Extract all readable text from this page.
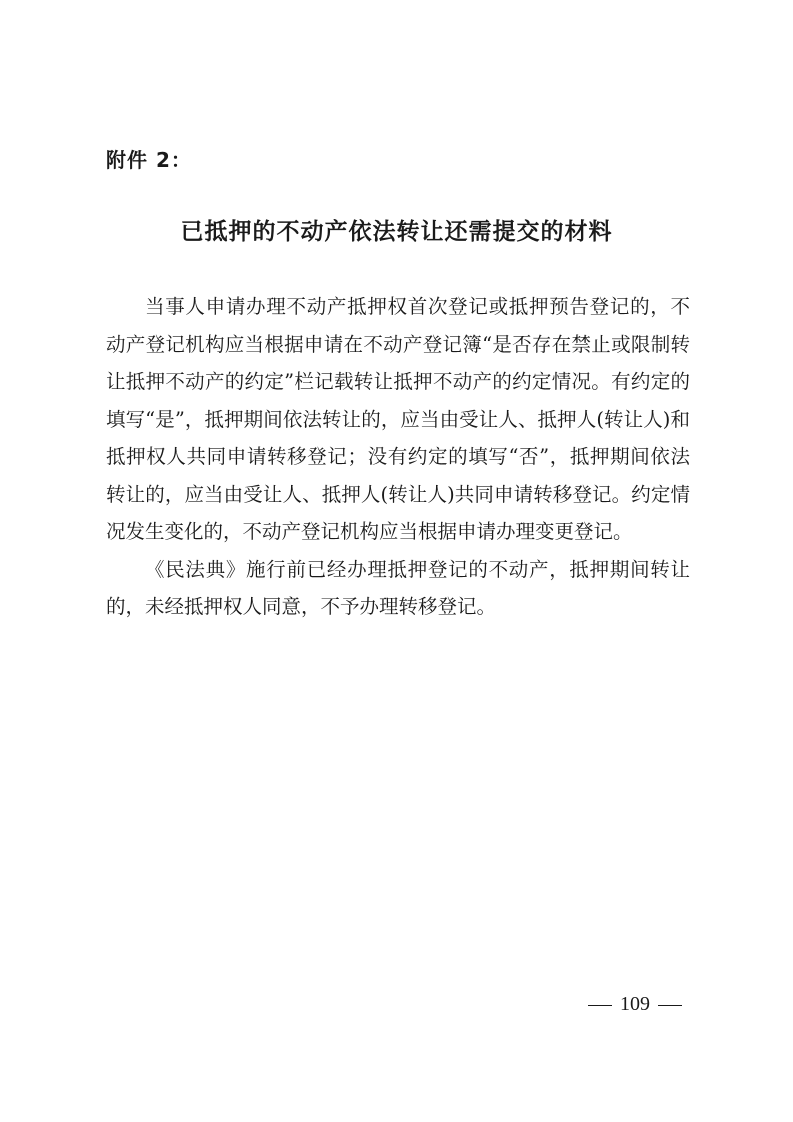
附件 2：
已抵押的不动产依法转让还需提交的材料

当事人申请办理不动产抵押权首次登记或抵押预告登记的，不动产登记机构应当根据申请在不动产登记簿“是否存在禁止或限制转让抵押不动产的约定”栏记载转让抵押不动产的约定情况。有约定的填写“是”，抵押期间依法转让的，应当由受让人、抵押人(转让人)和抵押权人共同申请转移登记；没有约定的填写“否”，抵押期间依法转让的，应当由受让人、抵押人(转让人)共同申请转移登记。约定情况发生变化的，不动产登记机构应当根据申请办理变更登记。

《民法典》施行前已经办理抵押登记的不动产，抵押期间转让的，未经抵押权人同意，不予办理转移登记。

109
